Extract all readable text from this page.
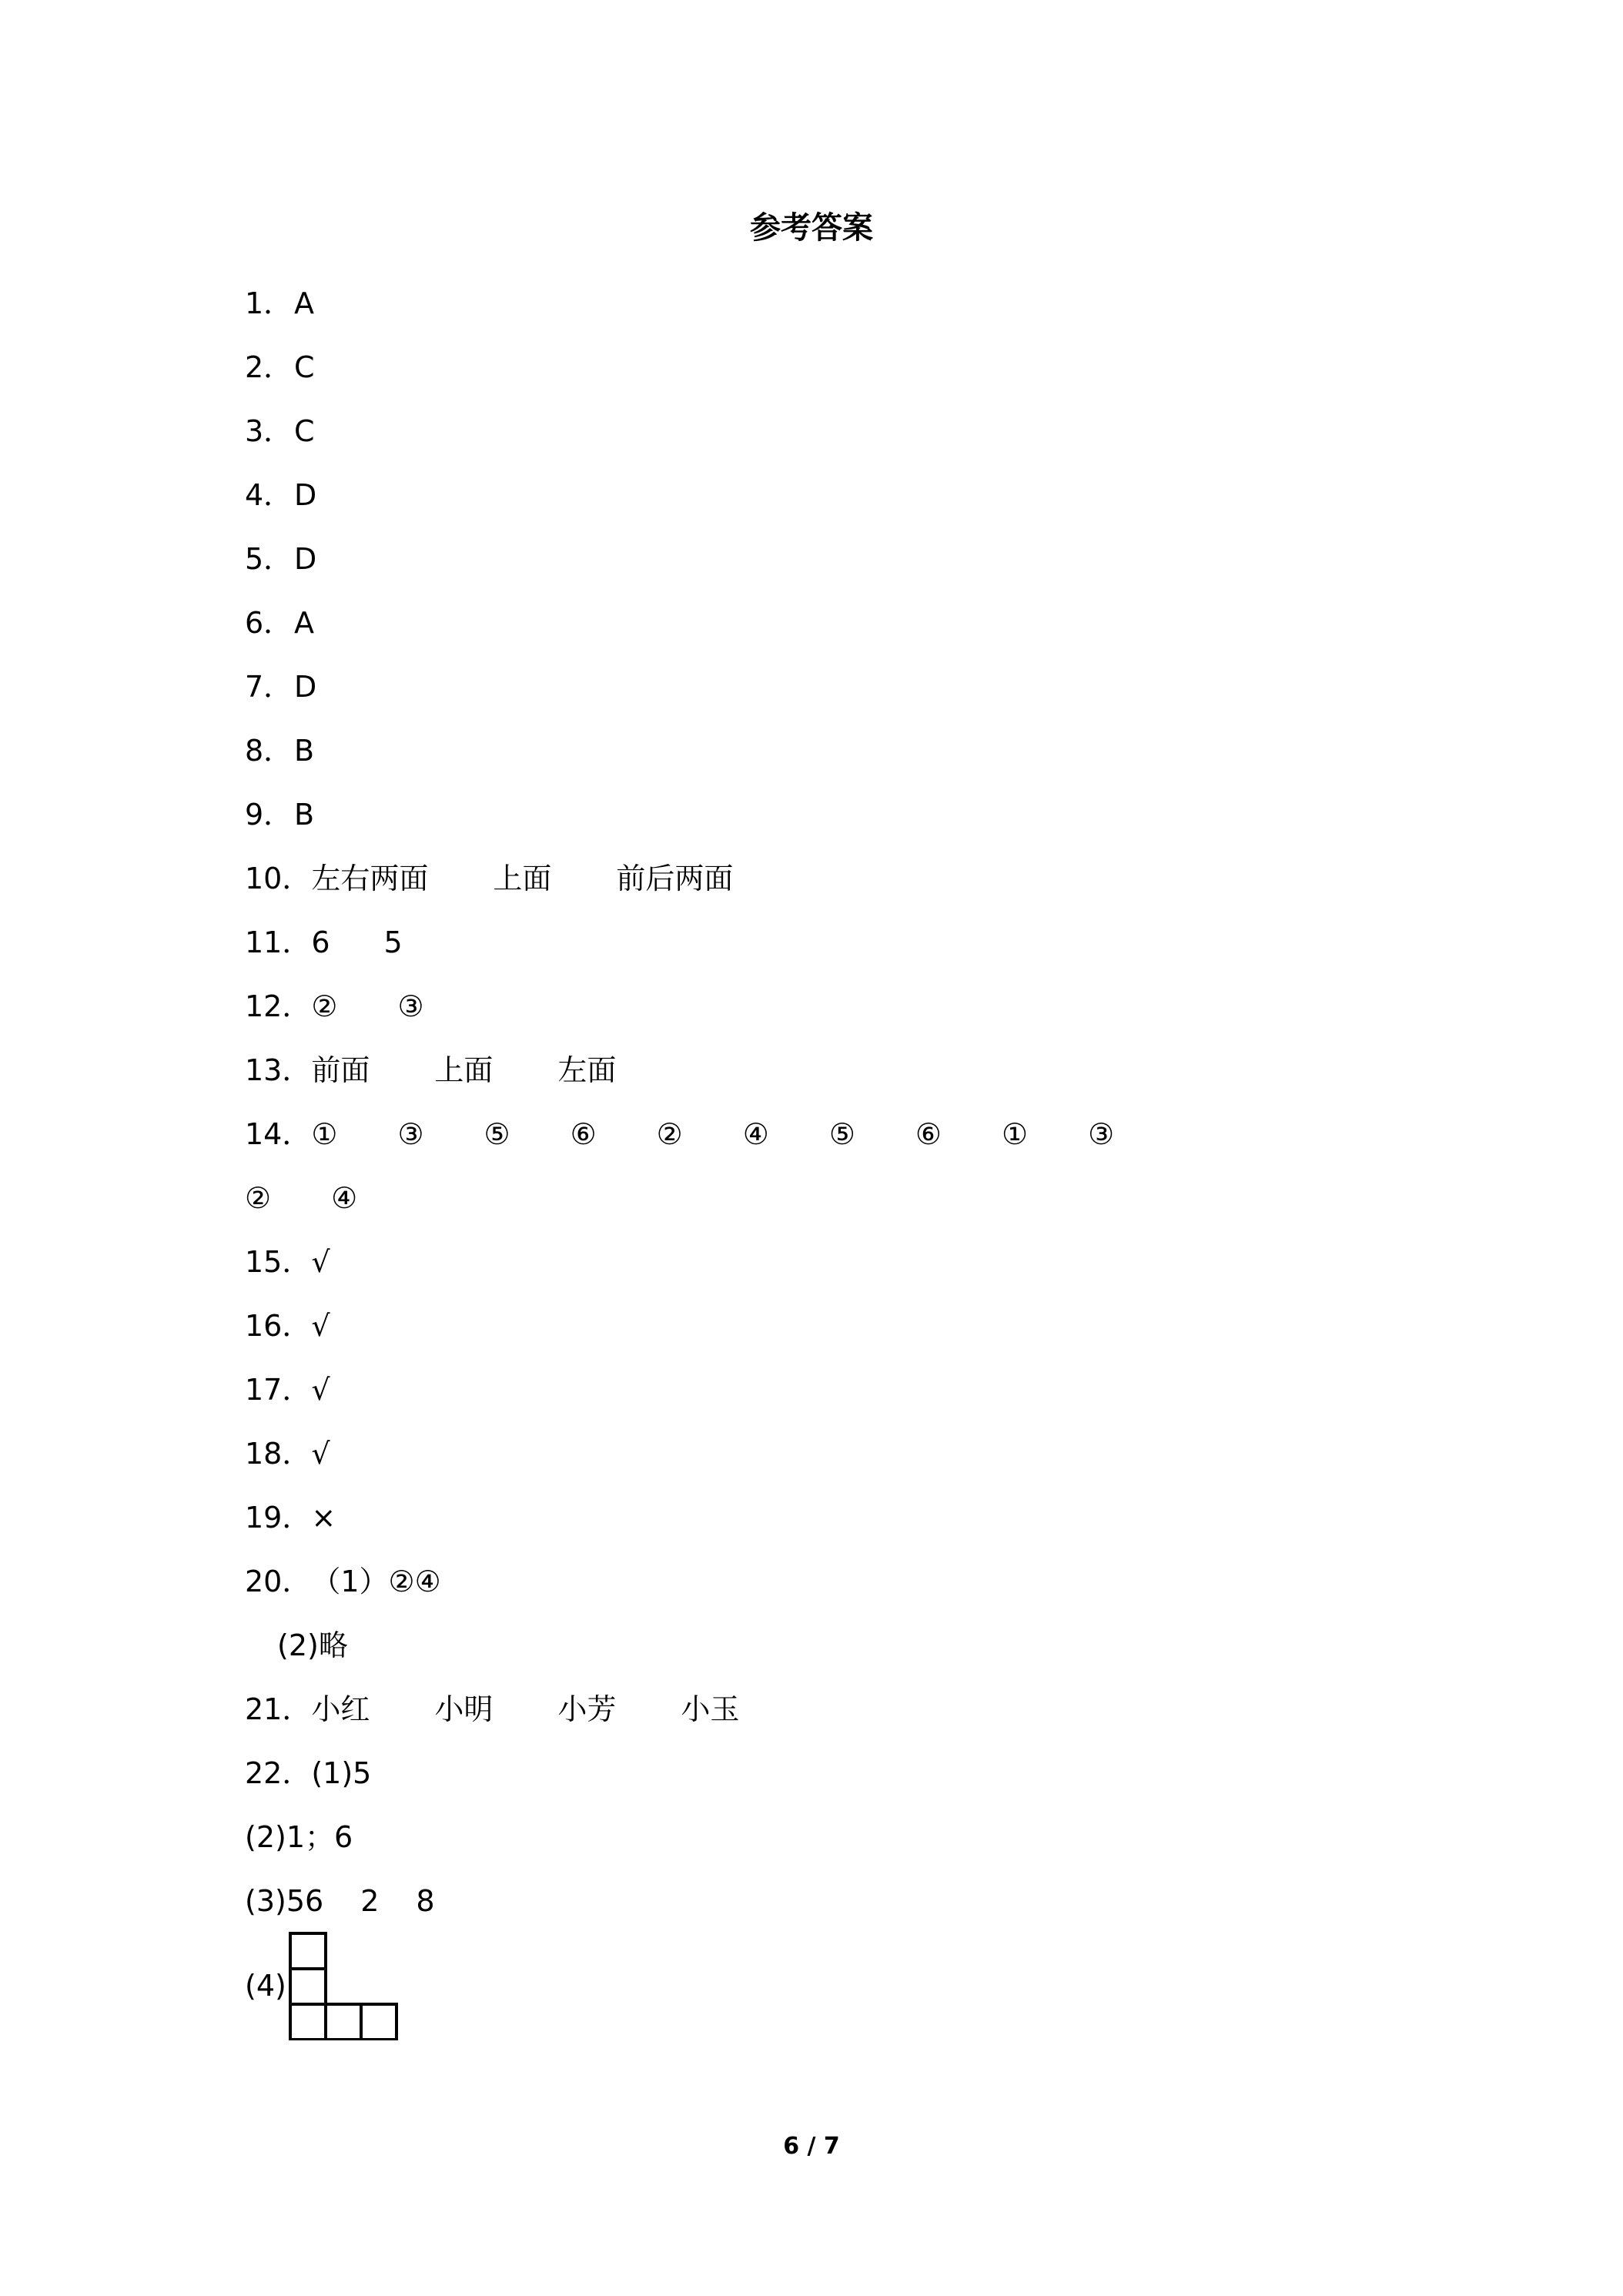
参考答案
1． A
2． C
3． C
4． D
5． D
6． A
7． D
8． B
9． B
10． 左右两面 上面 前后两面
11． 6 5
12． ② ③
13． 前面 上面 左面
14． ① ③ ⑤ ⑥ ② ④ ⑤ ⑥ ① ③
② ④
15． √
16． √
17． √
18． √
19． ×
20． （1）②④
(2)略
21． 小红 小明 小芳 小玉
22． (1)5
(2)1；6
(3)5 6 2 8
(4)
6 / 7
